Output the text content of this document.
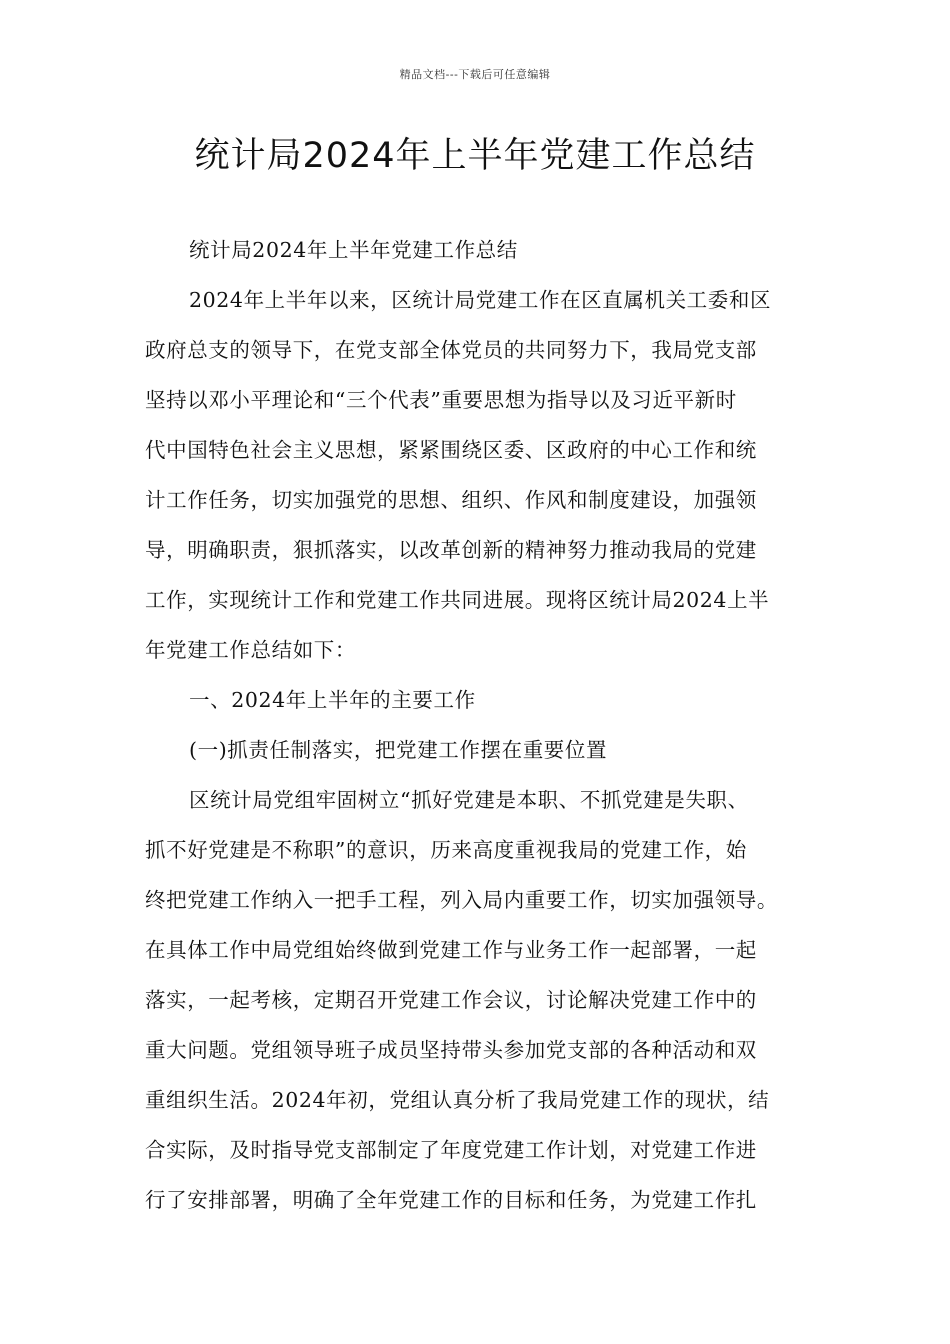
精品文档---下载后可任意编辑
统计局2024年上半年党建工作总结
统计局2024年上半年党建工作总结
2024年上半年以来，区统计局党建工作在区直属机关工委和区
政府总支的领导下，在党支部全体党员的共同努力下，我局党支部
坚持以邓小平理论和“三个代表”重要思想为指导以及习近平新时
代中国特色社会主义思想，紧紧围绕区委、区政府的中心工作和统
计工作任务，切实加强党的思想、组织、作风和制度建设，加强领
导，明确职责，狠抓落实，以改革创新的精神努力推动我局的党建
工作，实现统计工作和党建工作共同进展。现将区统计局2024上半
年党建工作总结如下：
一、2024年上半年的主要工作
(一)抓责任制落实，把党建工作摆在重要位置
区统计局党组牢固树立“抓好党建是本职、不抓党建是失职、
抓不好党建是不称职”的意识，历来高度重视我局的党建工作，始
终把党建工作纳入一把手工程，列入局内重要工作，切实加强领导。
在具体工作中局党组始终做到党建工作与业务工作一起部署，一起
落实，一起考核，定期召开党建工作会议，讨论解决党建工作中的
重大问题。党组领导班子成员坚持带头参加党支部的各种活动和双
重组织生活。2024年初，党组认真分析了我局党建工作的现状，结
合实际，及时指导党支部制定了年度党建工作计划，对党建工作进
行了安排部署，明确了全年党建工作的目标和任务，为党建工作扎
